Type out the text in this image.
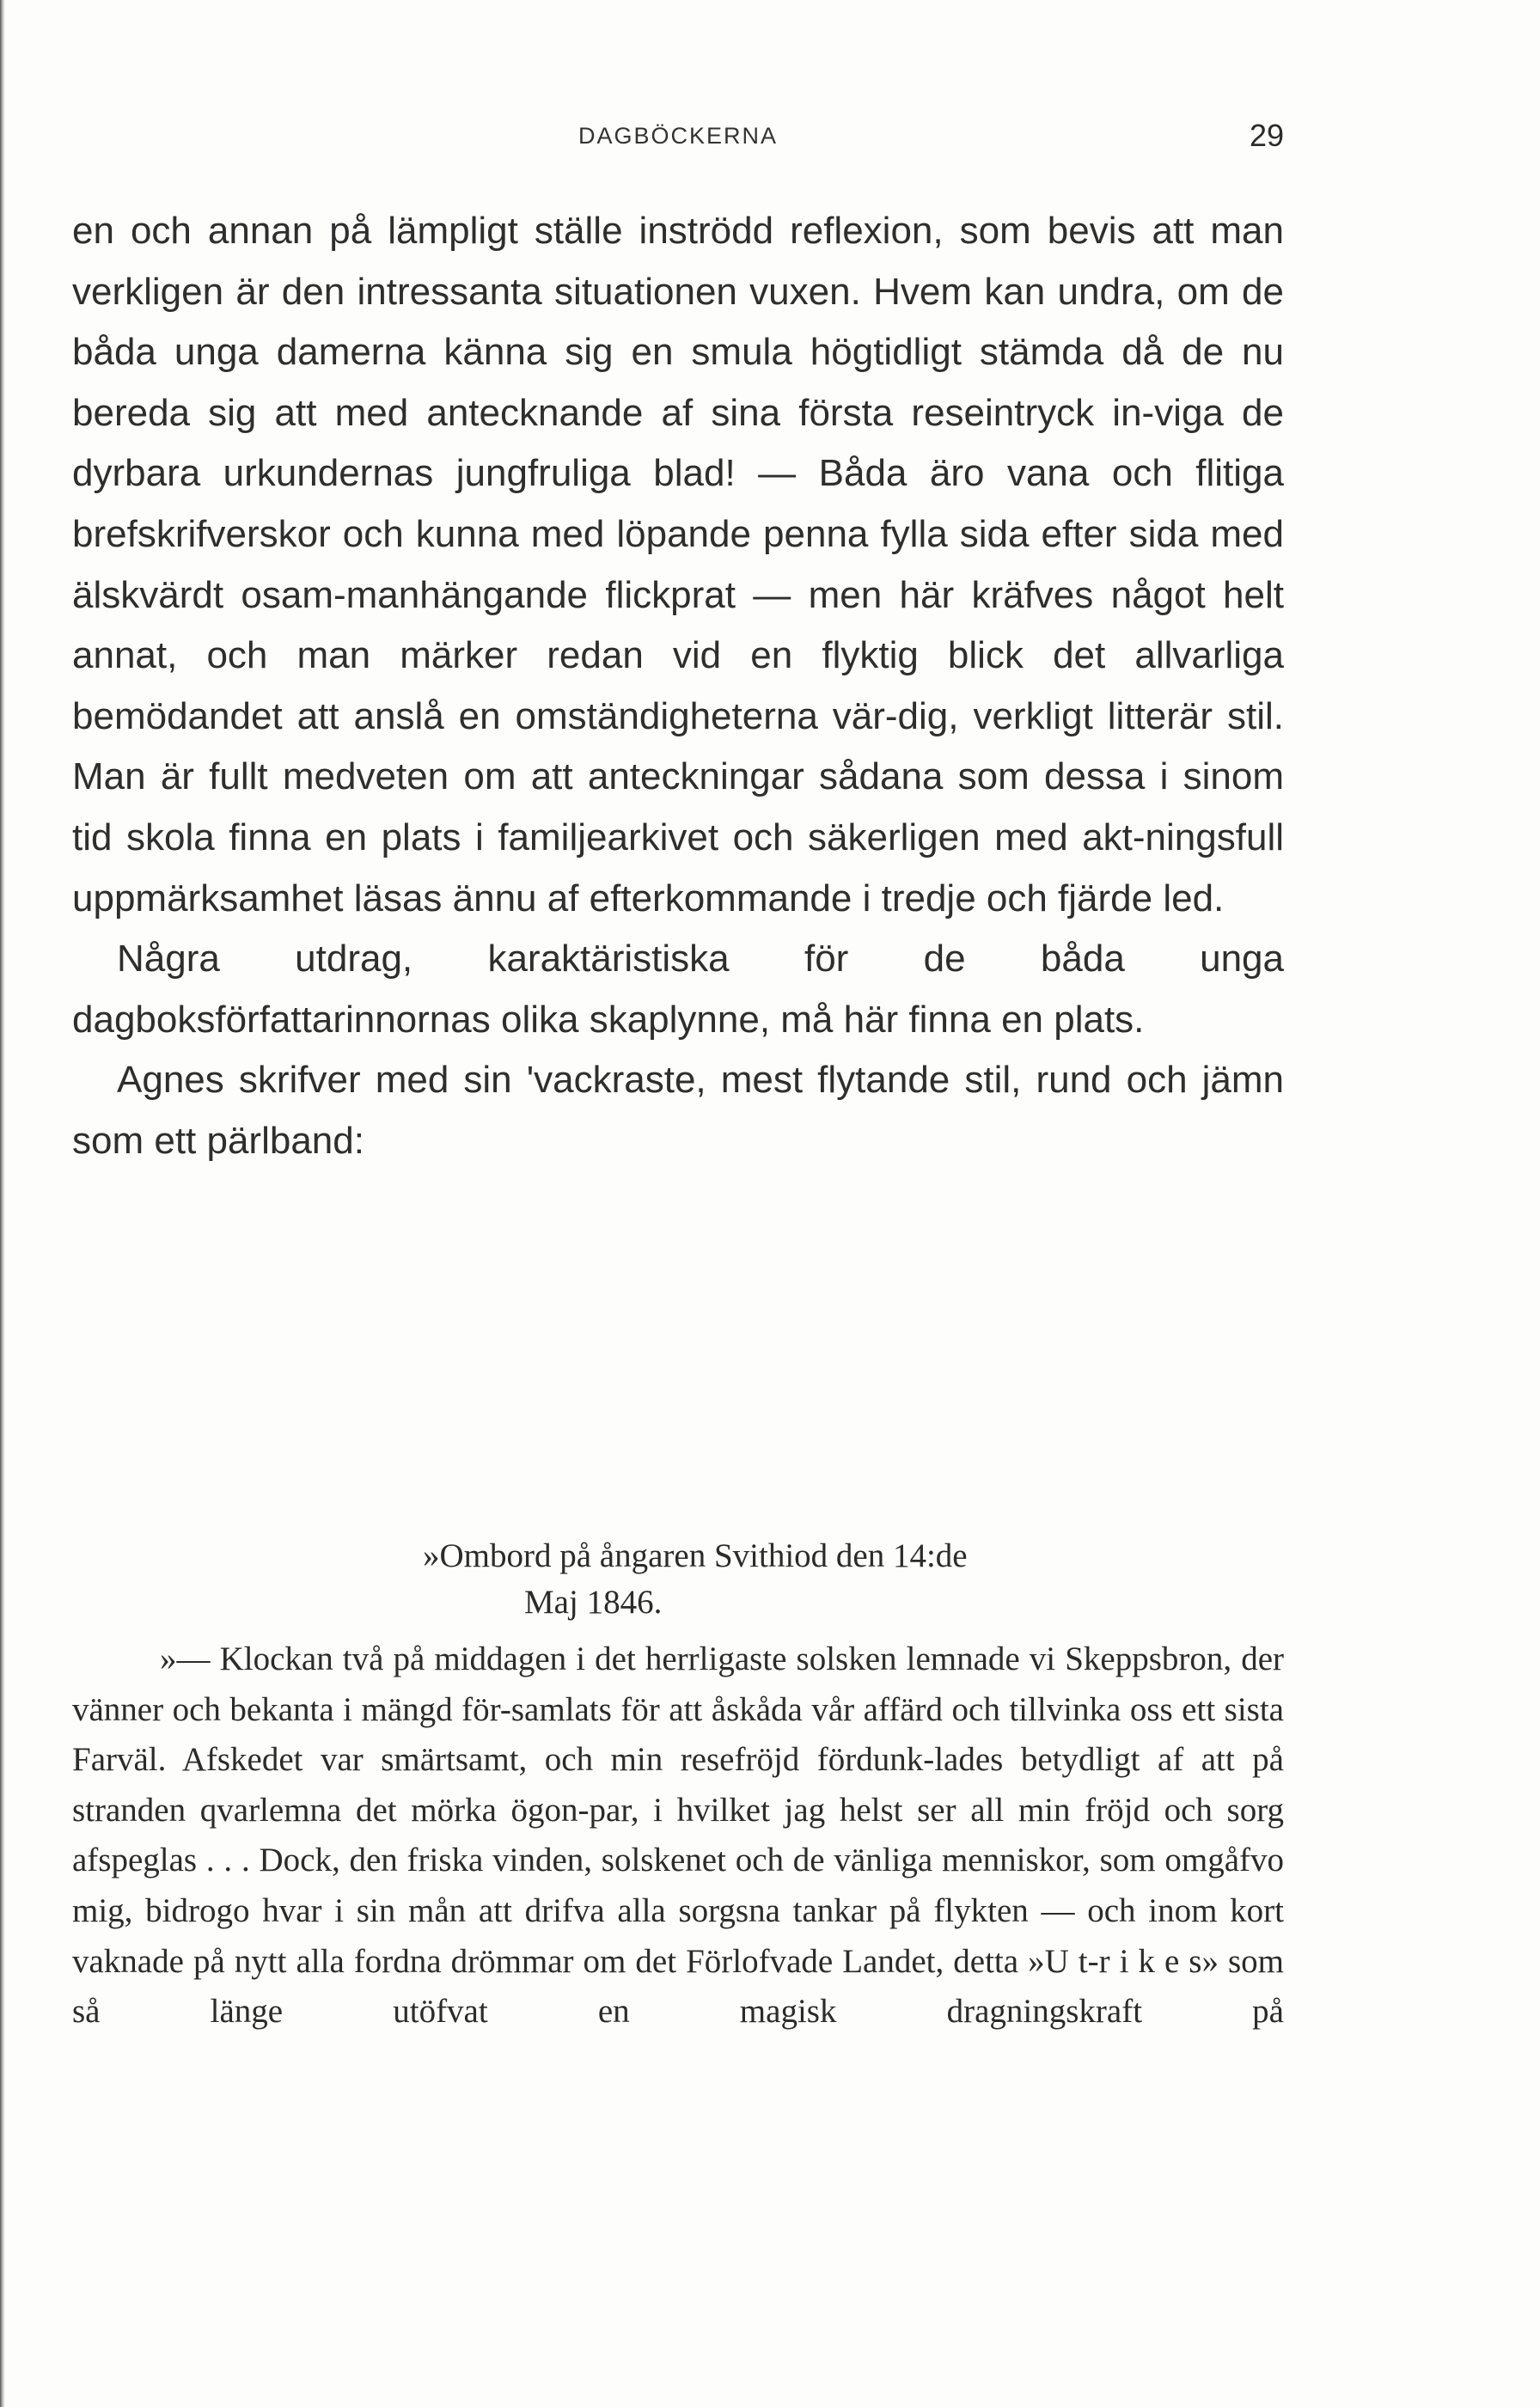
DAGBÖCKERNA	29

en och annan på lämpligt ställe inströdd reflexion, som bevis att man verkligen är den intressanta situationen vuxen. Hvem kan undra, om de båda unga damerna känna sig en smula högtidligt stämda då de nu bereda sig att med antecknande af sina första reseintryck in-viga de dyrbara urkundernas jungfruliga blad! — Båda äro vana och flitiga brefskrifverskor och kunna med löpande penna fylla sida efter sida med älskvärdt osam-manhängande flickprat — men här kräfves något helt annat, och man märker redan vid en flyktig blick det allvarliga bemödandet att anslå en omständigheterna vär-dig, verkligt litterär stil. Man är fullt medveten om att anteckningar sådana som dessa i sinom tid skola finna en plats i familjearkivet och säkerligen med akt-ningsfull uppmärksamhet läsas ännu af efterkommande i tredje och fjärde led.

Några utdrag, karaktäristiska för de båda unga dagboksförfattarinnornas olika skaplynne, må här finna en plats.

Agnes skrifver med sin 'vackraste, mest flytande stil, rund och jämn som ett pärlband:

»Ombord på ångaren Svithiod den 14:de
Maj 1846.

»— Klockan två på middagen i det herrligaste solsken lemnade vi Skeppsbron, der vänner och bekanta i mängd för-samlats för att åskåda vår affärd och tillvinka oss ett sista Farväl. Afskedet var smärtsamt, och min resefröjd fördunk-lades betydligt af att på stranden qvarlemna det mörka ögon-par, i hvilket jag helst ser all min fröjd och sorg afspeglas . . . Dock, den friska vinden, solskenet och de vänliga menniskor, som omgåfvo mig, bidrogo hvar i sin mån att drifva alla sorgsna tankar på flykten — och inom kort vaknade på nytt alla fordna drömmar om det Förlofvade Landet, detta »U t-r i k e s» som så länge utöfvat en magisk dragningskraft på
